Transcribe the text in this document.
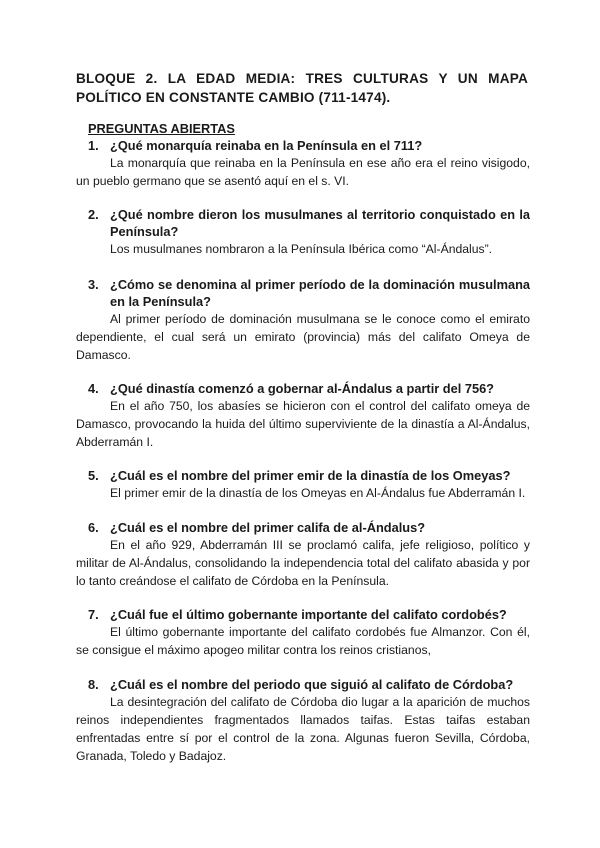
BLOQUE 2. LA EDAD MEDIA: TRES CULTURAS Y UN MAPA POLÍTICO EN CONSTANTE CAMBIO (711-1474).
PREGUNTAS ABIERTAS
1. ¿Qué monarquía reinaba en la Península en el 711?
La monarquía que reinaba en la Península en ese año era el reino visigodo, un pueblo germano que se asentó aquí en el s. VI.
2. ¿Qué nombre dieron los musulmanes al territorio conquistado en la Península?
Los musulmanes nombraron a la Península Ibérica como “Al-Ándalus”.
3. ¿Cómo se denomina al primer período de la dominación musulmana en la Península?
Al primer período de dominación musulmana se le conoce como el emirato dependiente, el cual será un emirato (provincia) más del califato Omeya de Damasco.
4. ¿Qué dinastía comenzó a gobernar al-Ándalus a partir del 756?
En el año 750, los abasíes se hicieron con el control del califato omeya de Damasco, provocando la huida del último superviviente de la dinastía a Al-Ándalus, Abderramán I.
5. ¿Cuál es el nombre del primer emir de la dinastía de los Omeyas?
El primer emir de la dinastía de los Omeyas en Al-Ándalus fue Abderramán I.
6. ¿Cuál es el nombre del primer califa de al-Ándalus?
En el año 929, Abderramán III se proclamó califa, jefe religioso, político y militar de Al-Ándalus, consolidando la independencia total del califato abasida y por lo tanto creándose el califato de Córdoba en la Península.
7. ¿Cuál fue el último gobernante importante del califato cordobés?
El último gobernante importante del califato cordobés fue Almanzor. Con él, se consigue el máximo apogeo militar contra los reinos cristianos,
8. ¿Cuál es el nombre del periodo que siguió al califato de Córdoba?
La desintegración del califato de Córdoba dio lugar a la aparición de muchos reinos independientes fragmentados llamados taifas. Estas taifas estaban enfrentadas entre sí por el control de la zona. Algunas fueron Sevilla, Córdoba, Granada, Toledo y Badajoz.
